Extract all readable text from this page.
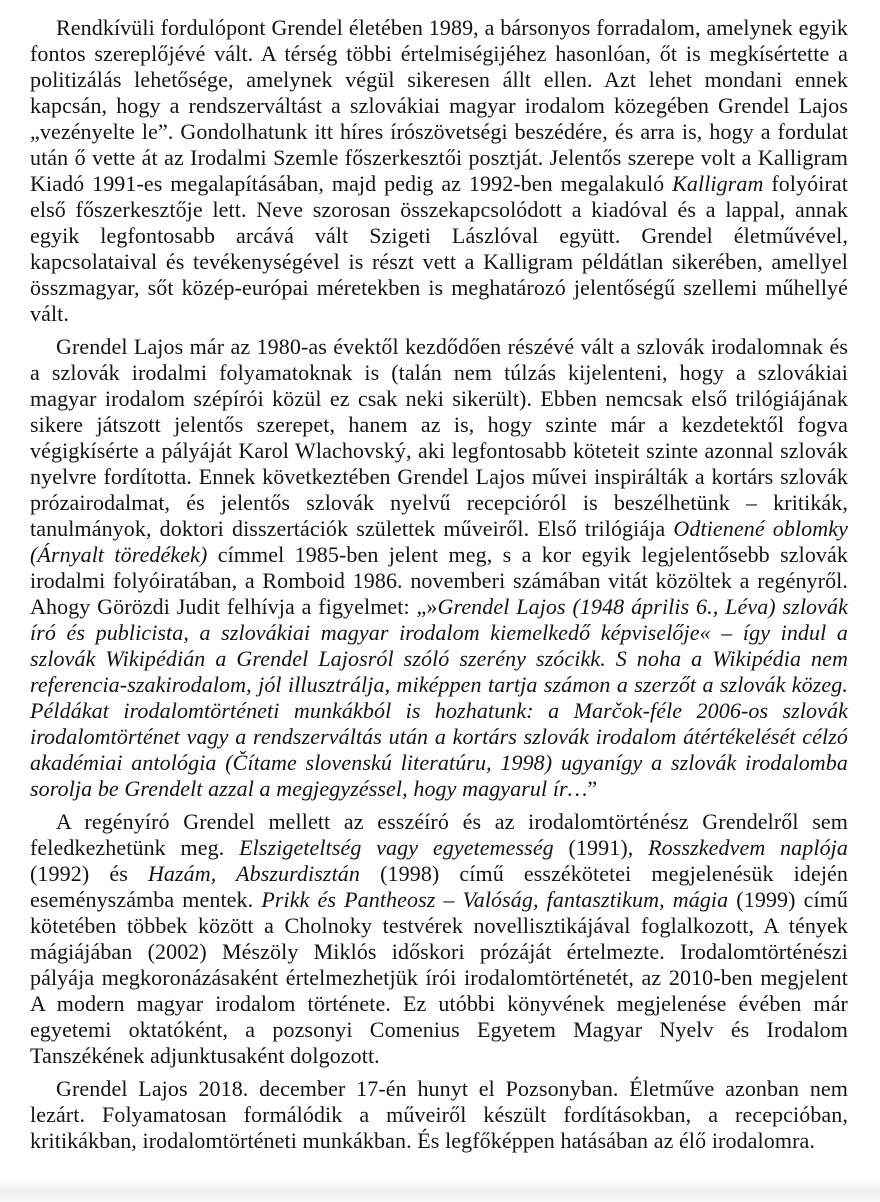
Rendkívüli fordulópont Grendel életében 1989, a bársonyos forradalom, amelynek egyik fontos szereplőjévé vált. A térség többi értelmiségijéhez hasonlóan, őt is megkísértette a politizálás lehetősége, amelynek végül sikeresen állt ellen. Azt lehet mondani ennek kapcsán, hogy a rendszerváltást a szlovákiai magyar irodalom közegében Grendel Lajos „vezényelte le”. Gondolhatunk itt híres írószövetségi beszédére, és arra is, hogy a fordulat után ő vette át az Irodalmi Szemle főszerkesztői posztját. Jelentős szerepe volt a Kalligram Kiadó 1991-es megalapításában, majd pedig az 1992-ben megalakuló Kalligram folyóirat első főszerkesztője lett. Neve szorosan összekapcsolódott a kiadóval és a lappal, annak egyik legfontosabb arcává vált Szigeti Lászlóval együtt. Grendel életművével, kapcsolataival és tevékenységével is részt vett a Kalligram példátlan sikerében, amellyel összmagyar, sőt közép-európai méretekben is meghatározó jelentőségű szellemi műhellyé vált.

Grendel Lajos már az 1980-as évektől kezdődően részévé vált a szlovák irodalomnak és a szlovák irodalmi folyamatoknak is (talán nem túlzás kijelenteni, hogy a szlovákiai magyar irodalom szépírói közül ez csak neki sikerült). Ebben nemcsak első trilógiájának sikere játszott jelentős szerepet, hanem az is, hogy szinte már a kezdetektől fogva végigkísérte a pályáját Karol Wlachovský, aki legfontosabb köteteit szinte azonnal szlovák nyelvre fordította. Ennek következtében Grendel Lajos művei inspirálták a kortárs szlovák prózairodalmat, és jelentős szlovák nyelvű recepcióról is beszélhetünk – kritikák, tanulmányok, doktori disszertációk születtek műveiről. Első trilógiája Odtienené oblomky (Árnyalt töredékek) címmel 1985-ben jelent meg, s a kor egyik legjelentősebb szlovák irodalmi folyóiratában, a Romboid 1986. novemberi számában vitát közöltek a regényről. Ahogy Görözdi Judit felhívja a figyelmet: „»Grendel Lajos (1948 április 6., Léva) szlovák író és publicista, a szlovákiai magyar irodalom kiemelkedő képviselője« – így indul a szlovák Wikipédián a Grendel Lajosról szóló szerény szócikk. S noha a Wikipédia nem referencia-szakirodalom, jól illusztrálja, miképpen tartja számon a szerzőt a szlovák közeg. Példákat irodalomtörténeti munkákból is hozhatunk: a Marčok-féle 2006-os szlovák irodalomtörténet vagy a rendszerváltás után a kortárs szlovák irodalom átértékelését célzó akadémiai antológia (Čítame slovenskú literatúru, 1998) ugyanígy a szlovák irodalomba sorolja be Grendelt azzal a megjegyzéssel, hogy magyarul ír…”

A regényíró Grendel mellett az esszéíró és az irodalomtörténész Grendelről sem feledkezhetünk meg. Elszigeteltség vagy egyetemesség (1991), Rosszkedvem naplója (1992) és Hazám, Abszurdisztán (1998) című esszékötetei megjelenésük idején eseményszámba mentek. Prikk és Pantheosz – Valóság, fantasztikum, mágia (1999) című kötetében többek között a Cholnoky testvérek novellisztikájával foglalkozott, A tények mágiájában (2002) Mészöly Miklós időskori prózáját értelmezte. Irodalomtörténészi pályája megkoronázásaként értelmezhetjük írói irodalomtörténetét, az 2010-ben megjelent A modern magyar irodalom története. Ez utóbbi könyvének megjelenése évében már egyetemi oktatóként, a pozsonyi Comenius Egyetem Magyar Nyelv és Irodalom Tanszékének adjunktusaként dolgozott.

Grendel Lajos 2018. december 17-én hunyt el Pozsonyban. Életműve azonban nem lezárt. Folyamatosan formálódik a műveiről készült fordításokban, a recepcióban, kritikákban, irodalomtörténeti munkákban. És legfőképpen hatásában az élő irodalomra.
